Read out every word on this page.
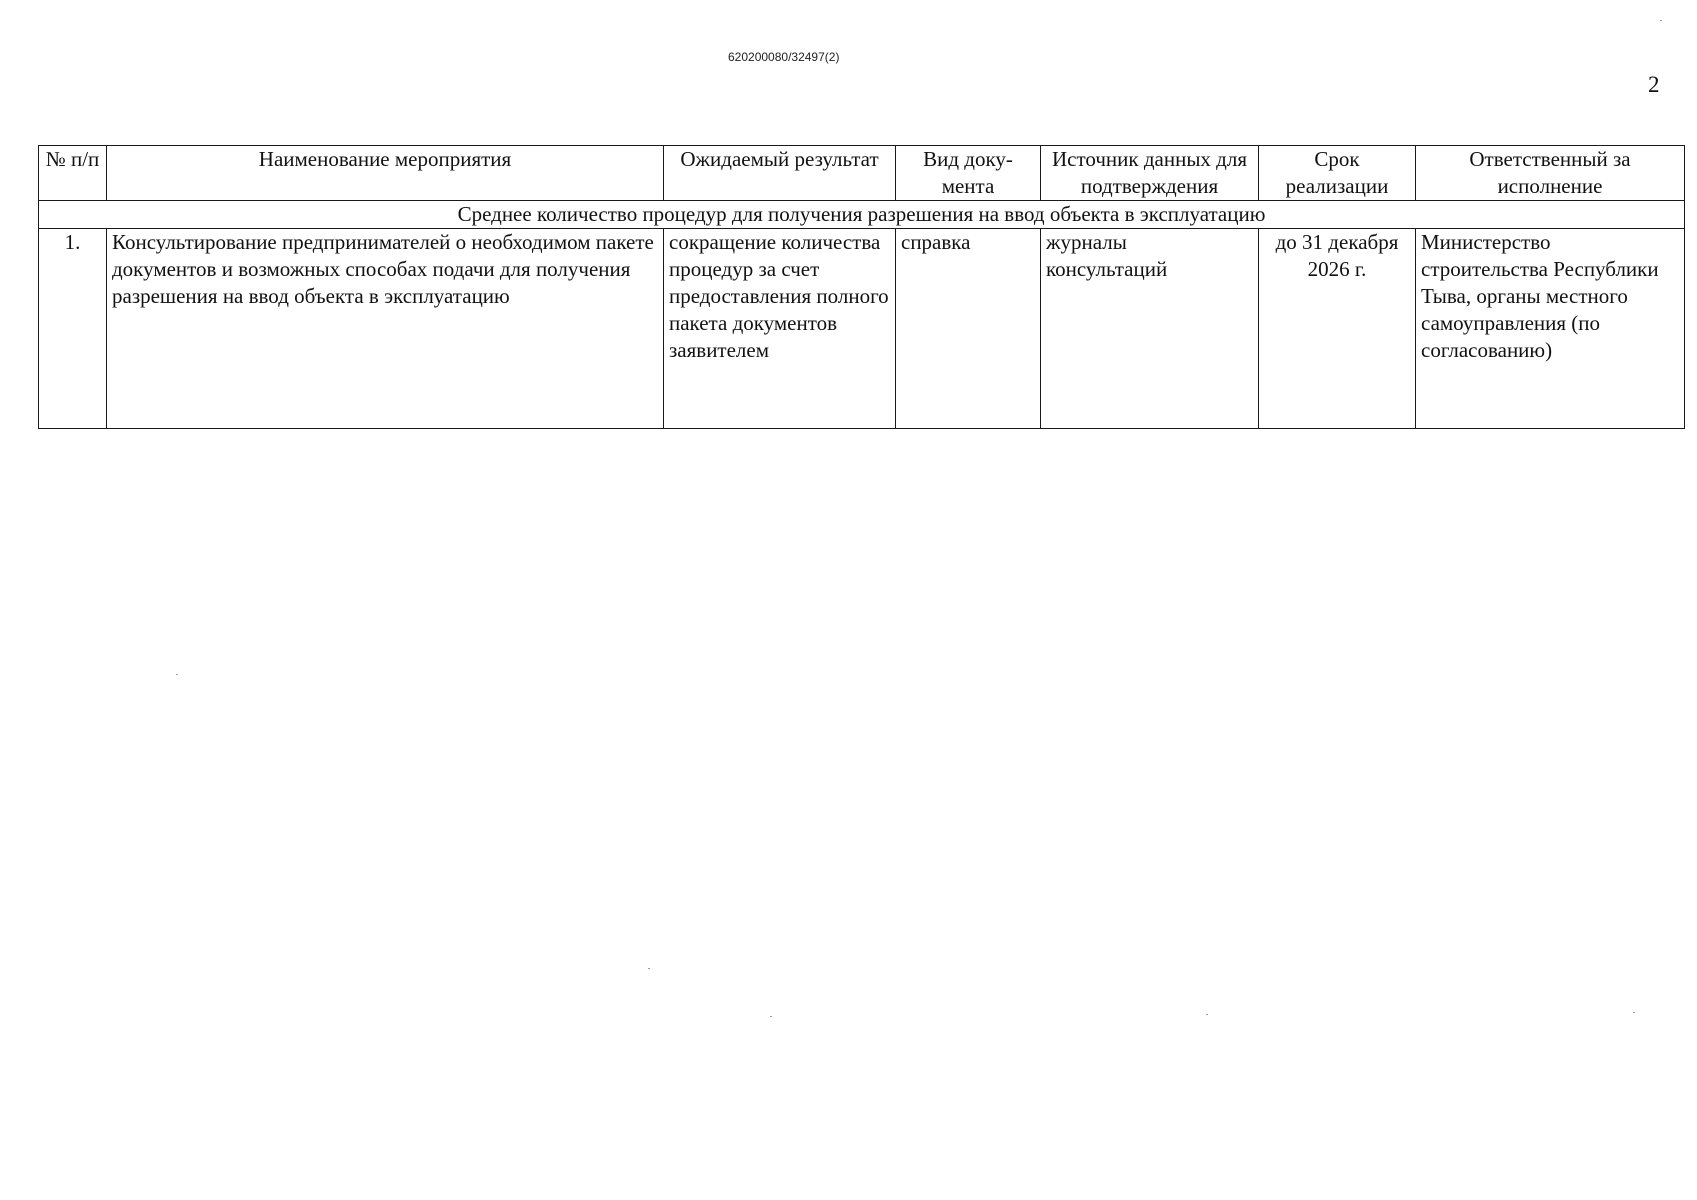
620200080/32497(2)
2
№ п/п	Наименование мероприятия	Ожидаемый результат	Вид доку-мента	Источник данных для подтверждения	Срок реализации	Ответственный за исполнение
Среднее количество процедур для получения разрешения на ввод объекта в эксплуатацию						
1.	Консультирование предпринимателей о необходимом пакете документов и возможных способах подачи для получения разрешения на ввод объекта в эксплуатацию	сокращение количества процедур за счет предоставления полного пакета документов заявителем	справка	журналы консультаций	до 31 декабря 2026 г.	Министерство строительства Республики Тыва, органы местного самоуправления (по согласованию)
